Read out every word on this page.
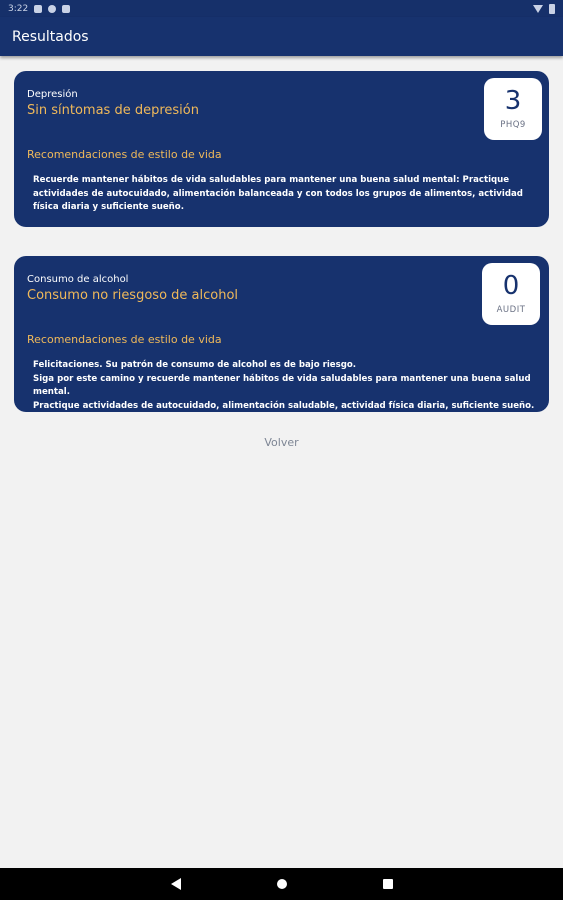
3:22
Resultados
Depresión
Sin síntomas de depresión	3
PHQ9
Recomendaciones de estilo de vida
Recuerde mantener hábitos de vida saludables para mantener una buena salud mental: Practique actividades de autocuidado, alimentación balanceada y con todos los grupos de alimentos, actividad física diaria y suficiente sueño.
Consumo de alcohol
Consumo no riesgoso de alcohol	0
AUDIT
Recomendaciones de estilo de vida
Felicitaciones. Su patrón de consumo de alcohol es de bajo riesgo.
Siga por este camino y recuerde mantener hábitos de vida saludables para mantener una buena salud mental.
Practique actividades de autocuidado, alimentación saludable, actividad física diaria, suficiente sueño.
Volver
